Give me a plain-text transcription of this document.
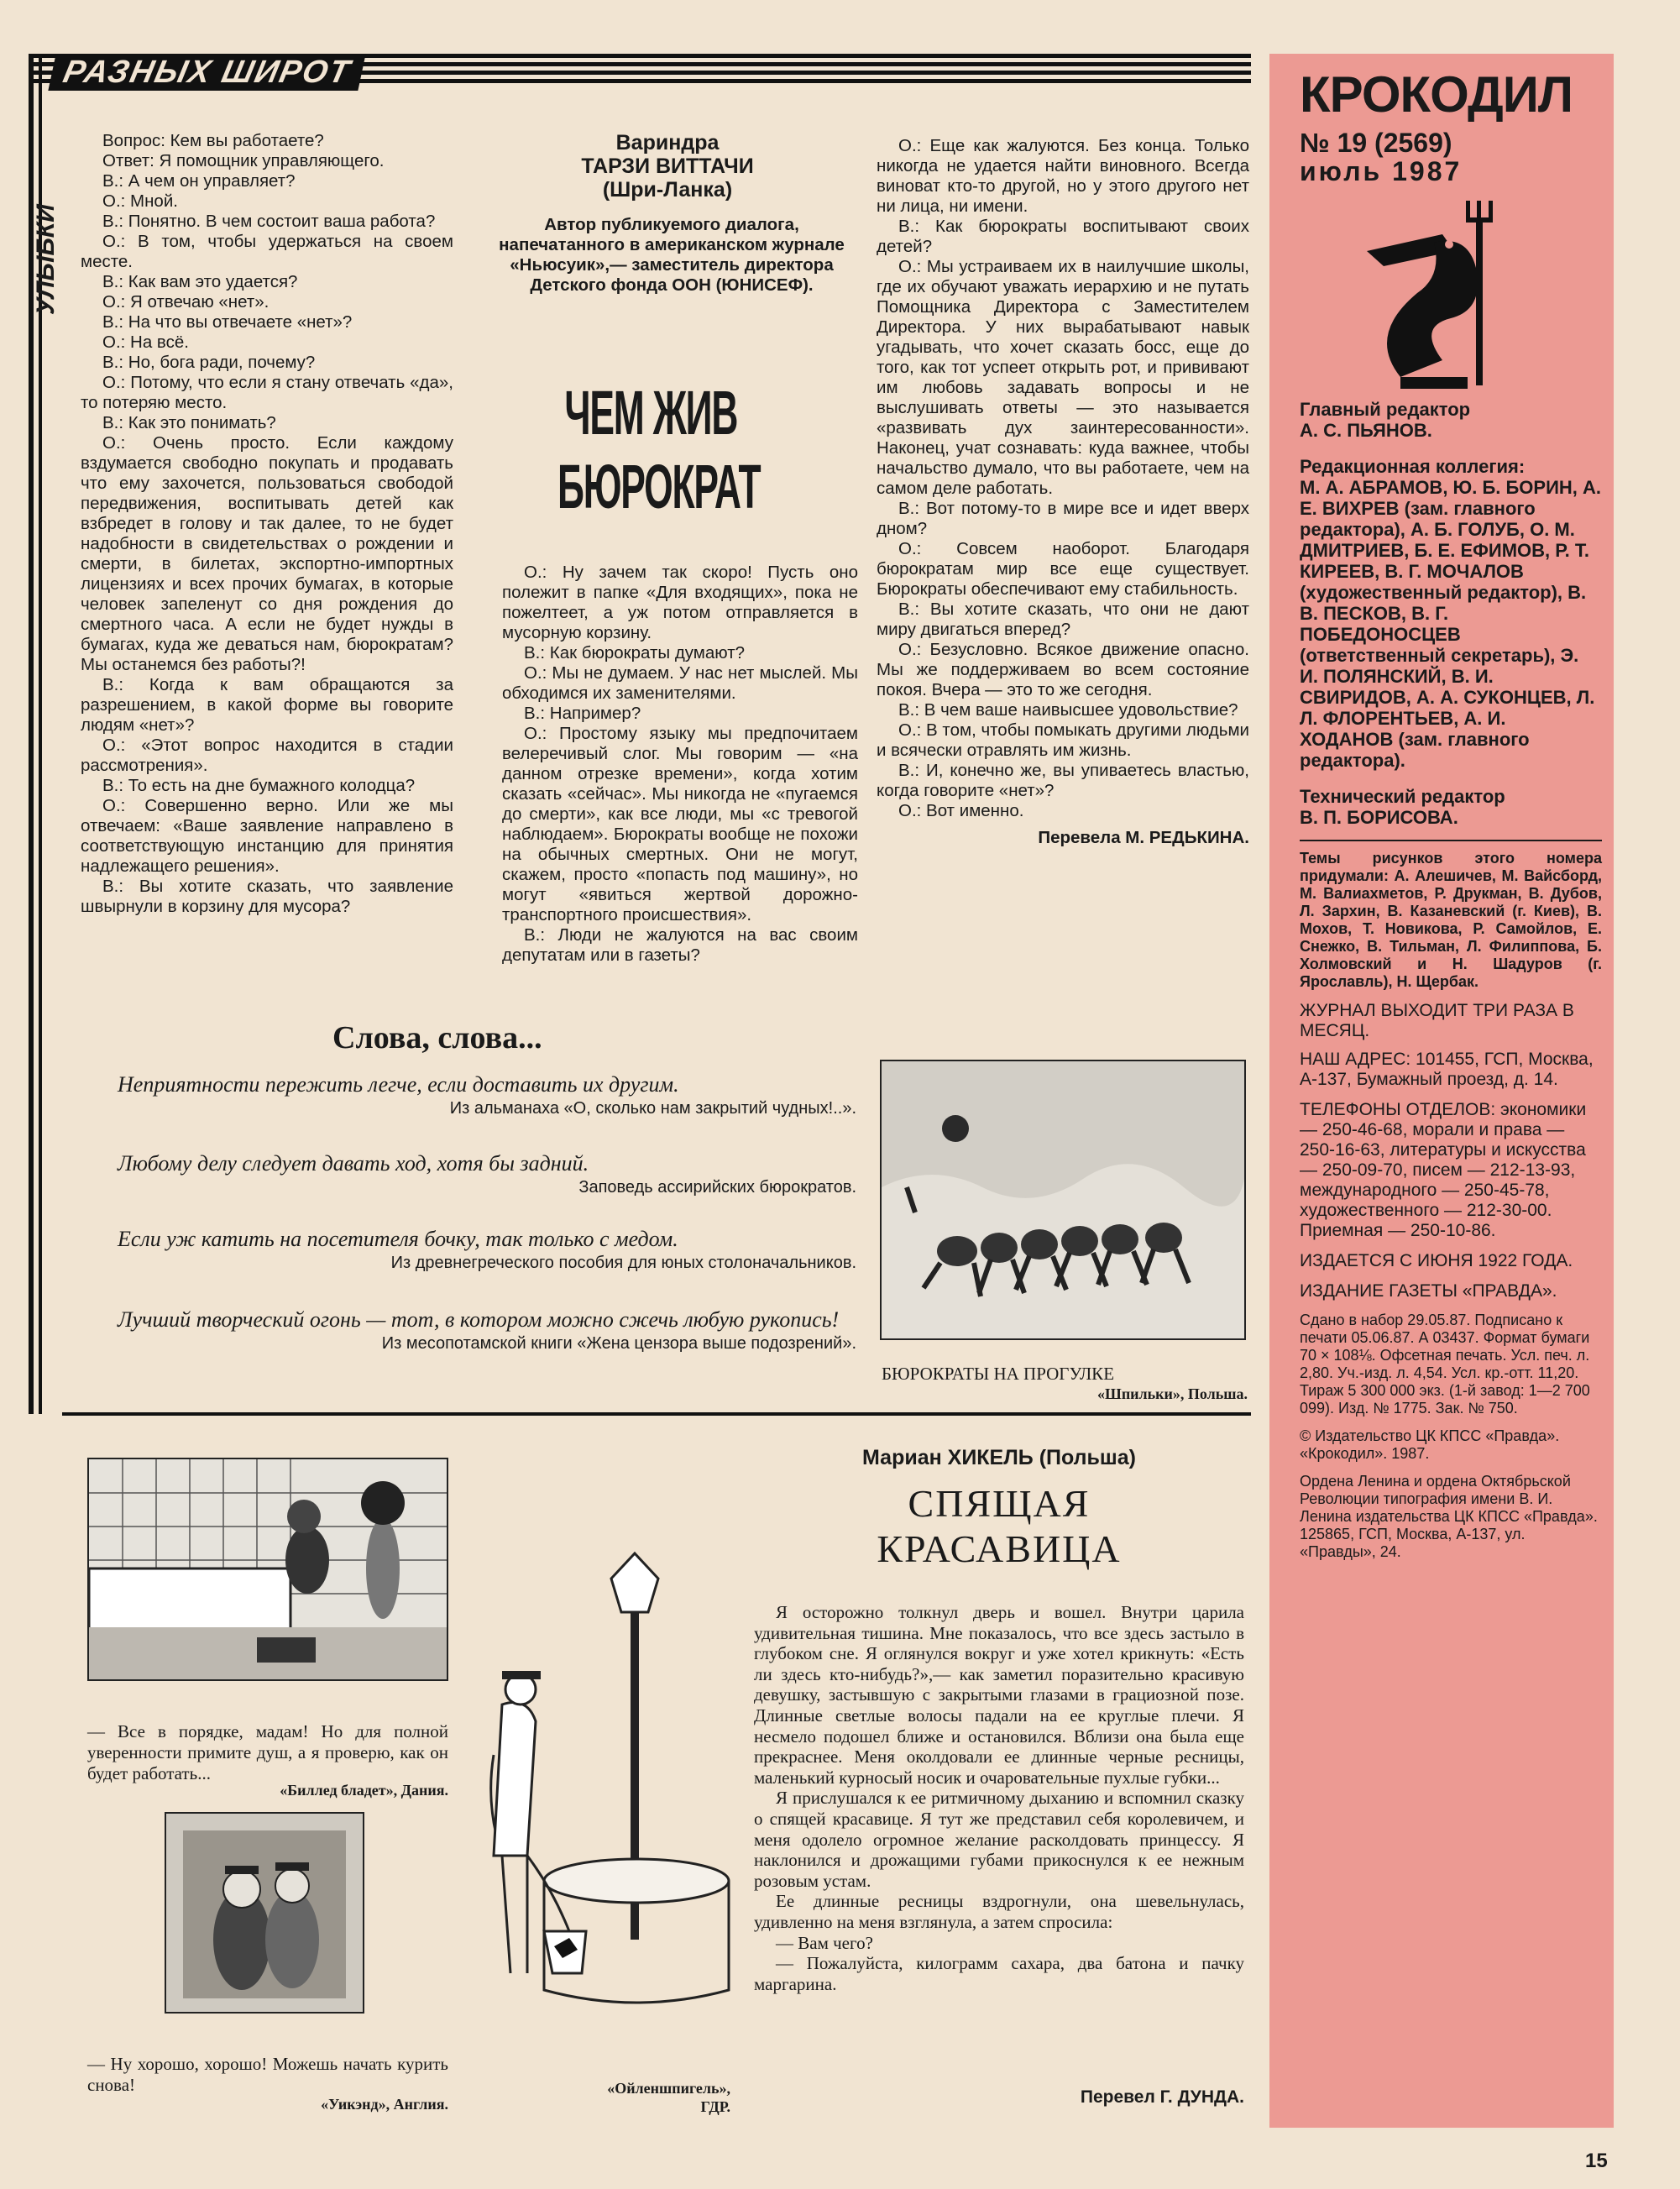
РАЗНЫХ ШИРОТ
УЛЫБКИ

Вопрос: Кем вы работаете?

Ответ: Я помощник управляющего.

В.: А чем он управляет?

О.: Мной.

В.: Понятно. В чем состоит ваша работа?

О.: В том, чтобы удержаться на своем месте.

В.: Как вам это удается?

О.: Я отвечаю «нет».

В.: На что вы отвечаете «нет»?

О.: На всё.

В.: Но, бога ради, почему?

О.: Потому, что если я стану отвечать «да», то потеряю место.

В.: Как это понимать?

О.: Очень просто. Если каждому вздумается свободно покупать и продавать что ему захочется, пользоваться свободой передвижения, воспитывать детей как взбредет в голову и так далее, то не будет надобности в свидетельствах о рождении и смерти, в билетах, экспортно-импортных лицензиях и всех прочих бумагах, в которые человек запеленут со дня рождения до смертного часа. А если не будет нужды в бумагах, куда же деваться нам, бюрократам? Мы останемся без работы?!

В.: Когда к вам обращаются за разрешением, в какой форме вы говорите людям «нет»?

О.: «Этот вопрос находится в стадии рассмотрения».

В.: То есть на дне бумажного колодца?

О.: Совершенно верно. Или же мы отвечаем: «Ваше заявление направлено в соответствующую инстанцию для принятия надлежащего решения».

В.: Вы хотите сказать, что заявление швырнули в корзину для мусора?

Вариндра
ТАРЗИ ВИТТАЧИ
(Шри-Ланка)
Автор публикуемого диалога, напечатанного в американском журнале «Ньюсуик»,— заместитель директора Детского фонда ООН (ЮНИСЕФ).
ЧЕМ ЖИВ
БЮРОКРАТ

О.: Ну зачем так скоро! Пусть оно полежит в папке «Для входящих», пока не пожелтеет, а уж потом отправляется в мусорную корзину.

В.: Как бюрократы думают?

О.: Мы не думаем. У нас нет мыслей. Мы обходимся их заменителями.

В.: Например?

О.: Простому языку мы предпочитаем велеречивый слог. Мы говорим — «на данном отрезке времени», когда хотим сказать «сейчас». Мы никогда не «пугаемся до смерти», как все люди, мы «с тревогой наблюдаем». Бюрократы вообще не похожи на обычных смертных. Они не могут, скажем, просто «попасть под машину», но могут «явиться жертвой дорожно-транспортного происшествия».

В.: Люди не жалуются на вас своим депутатам или в газеты?

О.: Еще как жалуются. Без конца. Только никогда не удается найти виновного. Всегда виноват кто-то другой, но у этого другого нет ни лица, ни имени.

В.: Как бюрократы воспитывают своих детей?

О.: Мы устраиваем их в наилучшие школы, где их обучают уважать иерархию и не путать Помощника Директора с Заместителем Директора. У них вырабатывают навык угадывать, что хочет сказать босс, еще до того, как тот успеет открыть рот, и прививают им любовь задавать вопросы и не выслушивать ответы — это называется «развивать дух заинтересованности». Наконец, учат сознавать: куда важнее, чтобы начальство думало, что вы работаете, чем на самом деле работать.

В.: Вот потому-то в мире все и идет вверх дном?

О.: Совсем наоборот. Благодаря бюрократам мир все еще существует. Бюрократы обеспечивают ему стабильность.

В.: Вы хотите сказать, что они не дают миру двигаться вперед?

О.: Безусловно. Всякое движение опасно. Мы же поддерживаем во всем состояние покоя. Вчера — это то же сегодня.

В.: В чем ваше наивысшее удовольствие?

О.: В том, чтобы помыкать другими людьми и всячески отравлять им жизнь.

В.: И, конечно же, вы упиваетесь властью, когда говорите «нет»?

О.: Вот именно.

Перевела М. РЕДЬКИНА.
Слова, слова...
Неприятности пережить легче, если доставить их другим.
Из альманаха «О, сколько нам закрытий чудных!..».
Любому делу следует давать ход, хотя бы задний.
Заповедь ассирийских бюрократов.
Если уж катить на посетителя бочку, так только с медом.
Из древнегреческого пособия для юных столоначальников.
Лучший творческий огонь — тот, в котором можно сжечь любую рукопись!
Из месопотамской книги «Жена цензора выше подозрений».
БЮРОКРАТЫ НА ПРОГУЛКЕ
«Шпильки», Польша.
— Все в порядке, мадам! Но для полной уверенности примите душ, а я проверю, как он будет работать...
«Биллед бладет», Дания.
— Ну хорошо, хорошо! Можешь начать курить снова!
«Уикэнд», Англия.
«Ойленшпигель»,
ГДР.
Мариан ХИКЕЛЬ (Польша)
СПЯЩАЯ
КРАСАВИЦА

Я осторожно толкнул дверь и вошел. Внутри царила удивительная тишина. Мне показалось, что все здесь застыло в глубоком сне. Я оглянулся вокруг и уже хотел крикнуть: «Есть ли здесь кто-нибудь?»,— как заметил поразительно красивую девушку, застывшую с закрытыми глазами в грациозной позе. Длинные светлые волосы падали на ее круглые плечи. Я несмело подошел ближе и остановился. Вблизи она была еще прекраснее. Меня околдовали ее длинные черные ресницы, маленький курносый носик и очаровательные пухлые губки...

Я прислушался к ее ритмичному дыханию и вспомнил сказку о спящей красавице. Я тут же представил себя королевичем, и меня одолело огромное желание расколдовать принцессу. Я наклонился и дрожащими губами прикоснулся к ее нежным розовым устам.

Ее длинные ресницы вздрогнули, она шевельнулась, удивленно на меня взглянула, а затем спросила:

— Вам чего?

— Пожалуйста, килограмм сахара, два батона и пачку маргарина.

Перевел Г. ДУНДА.
КРОКОДИЛ
№ 19 (2569)
июль 1987
Главный редактор
А. С. ПЬЯНОВ.
Редакционная коллегия:
М. А. АБРАМОВ, Ю. Б. БОРИН, А. Е. ВИХРЕВ (зам. главного редактора), А. Б. ГОЛУБ, О. М. ДМИТРИЕВ, Б. Е. ЕФИМОВ, Р. Т. КИРЕЕВ, В. Г. МОЧАЛОВ (художественный редактор), В. В. ПЕСКОВ, В. Г. ПОБЕДОНОСЦЕВ (ответственный секретарь), Э. И. ПОЛЯНСКИЙ, В. И. СВИРИДОВ, А. А. СУКОНЦЕВ, Л. Л. ФЛОРЕНТЬЕВ, А. И. ХОДАНОВ (зам. главного редактора).
Технический редактор
В. П. БОРИСОВА.
Темы рисунков этого номера придумали: А. Алешичев, М. Вайсборд, М. Валиахметов, Р. Друкман, В. Дубов, Л. Зархин, В. Казаневский (г. Киев), В. Мохов, Т. Новикова, Р. Самойлов, Е. Снежко, В. Тильман, Л. Филиппова, Б. Холмовский и Н. Шадуров (г. Ярославль), Н. Щербак.
ЖУРНАЛ ВЫХОДИТ ТРИ РАЗА В МЕСЯЦ.
НАШ АДРЕС: 101455, ГСП, Москва, А-137, Бумажный проезд, д. 14.
ТЕЛЕФОНЫ ОТДЕЛОВ: экономики — 250-46-68, морали и права — 250-16-63, литературы и искусства — 250-09-70, писем — 212-13-93, международного — 250-45-78, художественного — 212-30-00. Приемная — 250-10-86.
ИЗДАЕТСЯ С ИЮНЯ 1922 ГОДА.
ИЗДАНИЕ ГАЗЕТЫ «ПРАВДА».
Сдано в набор 29.05.87. Подписано к печати 05.06.87. А 03437. Формат бумаги 70 × 108⅛. Офсетная печать. Усл. печ. л. 2,80. Уч.-изд. л. 4,54. Усл. кр.-отт. 11,20. Тираж 5 300 000 экз. (1-й завод: 1—2 700 099). Изд. № 1775. Зак. № 750.
© Издательство ЦК КПСС «Правда». «Крокодил». 1987.
Ордена Ленина и ордена Октябрьской Революции типография имени В. И. Ленина издательства ЦК КПСС «Правда». 125865, ГСП, Москва, А-137, ул. «Правды», 24.
15
